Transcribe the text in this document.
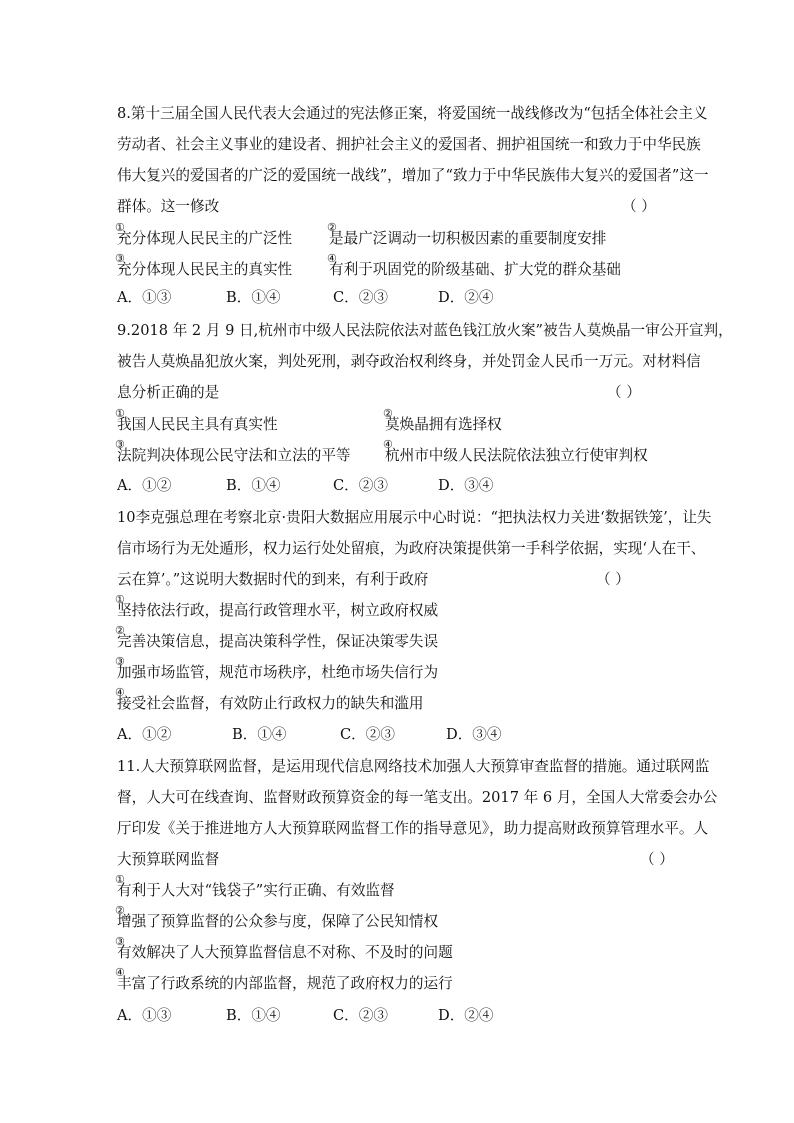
8.第十三届全国人民代表大会通过的宪法修正案，将爱国统一战线修改为“包括全体社会主义
劳动者、社会主义事业的建设者、拥护社会主义的爱国者、拥护祖国统一和致力于中华民族
伟大复兴的爱国者的广泛的爱国统一战线”，增加了“致力于中华民族伟大复兴的爱国者”这一
群体。这一修改	（ ）
①
充分体现人民民主的广泛性
②
是最广泛调动一切积极因素的重要制度安排
③
充分体现人民民主的真实性
④
有利于巩固党的阶级基础、扩大党的群众基础
A．①③	B．①④	C．②③	D．②④
9.2018 年 2 月 9 日,杭州市中级人民法院依法对蓝色钱江放火案”被告人莫焕晶一审公开宣判，
被告人莫焕晶犯放火案，判处死刑，剥夺政治权利终身，并处罚金人民币一万元。对材料信
息分析正确的是	（ ）
①
我国人民民主具有真实性
②
莫焕晶拥有选择权
③
法院判决体现公民守法和立法的平等
④
杭州市中级人民法院依法独立行使审判权
A．①②	B．①④	C．②③	D．③④
10李克强总理在考察北京·贵阳大数据应用展示中心时说：“把执法权力关进‘数据铁笼’，让失
信市场行为无处遁形，权力运行处处留痕，为政府决策提供第一手科学依据，实现‘人在干、
云在算’。”这说明大数据时代的到来，有利于政府	（ ）
①
坚持依法行政，提高行政管理水平，树立政府权威
②
完善决策信息，提高决策科学性，保证决策零失误
③
加强市场监管，规范市场秩序，杜绝市场失信行为
④
接受社会监督，有效防止行政权力的缺失和滥用
A．①②	B．①④	C．②③	D．③④
11.人大预算联网监督，是运用现代信息网络技术加强人大预算审查监督的措施。通过联网监
督，人大可在线查询、监督财政预算资金的每一笔支出。2017 年 6 月，全国人大常委会办公
厅印发《关于推进地方人大预算联网监督工作的指导意见》，助力提高财政预算管理水平。人
大预算联网监督	（ ）
①
有利于人大对“钱袋子”实行正确、有效监督
②
增强了预算监督的公众参与度，保障了公民知情权
③
有效解决了人大预算监督信息不对称、不及时的问题
④
丰富了行政系统的内部监督，规范了政府权力的运行
A．①③	B．①④	C．②③	D．②④
